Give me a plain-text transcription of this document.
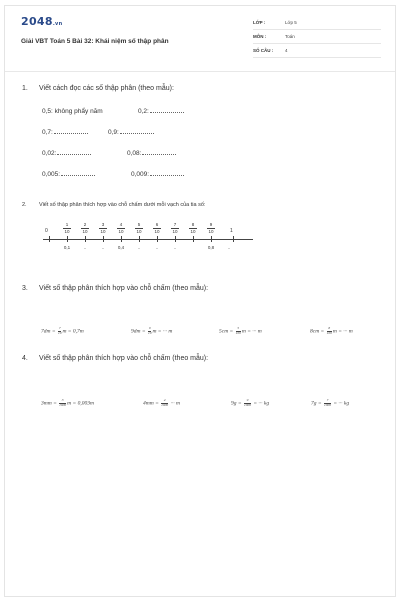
2048.vn
Giải VBT Toán 5 Bài 32: Khái niệm số thập phân
LỚP :	Lớp 5
MÔN :	Toán
SỐ CÂU :	4
1. Viết cách đọc các số thập phân (theo mẫu):
0,5: không phẩy năm	0,2:
0,7:	0,9:
0,02:	0,08:
0,005:	0,009:
2. Viết số thập phân thích hợp vào chỗ chấm dưới mỗi vạch của tia số:
0
1
10
2
10
3
10
4
10
5
10
6
10
7
10
8
10
9
10	1
0,1	..	..	0,4	..	..	..	0,8	..
3. Viết số thập phân thích hợp vào chỗ chấm (theo mẫu):
$7dm = \frac{7}{10}$ m = 0,7m	$9dm = \frac{9}{10}$ m = ··· m	$5cm = \frac{5}{100}$ m = ··· m	$8cm = \frac{8}{100}$ m = ··· m
4. Viết số thập phân thích hợp vào chỗ chấm (theo mẫu):
$3mm = \frac{3}{1000}$ m = 0,003m	$4mm = \frac{4}{1000}$ ··· m	$9g = \frac{9}{1000}$ = ··· kg	$7g = \frac{7}{1000}$ = ··· kg
